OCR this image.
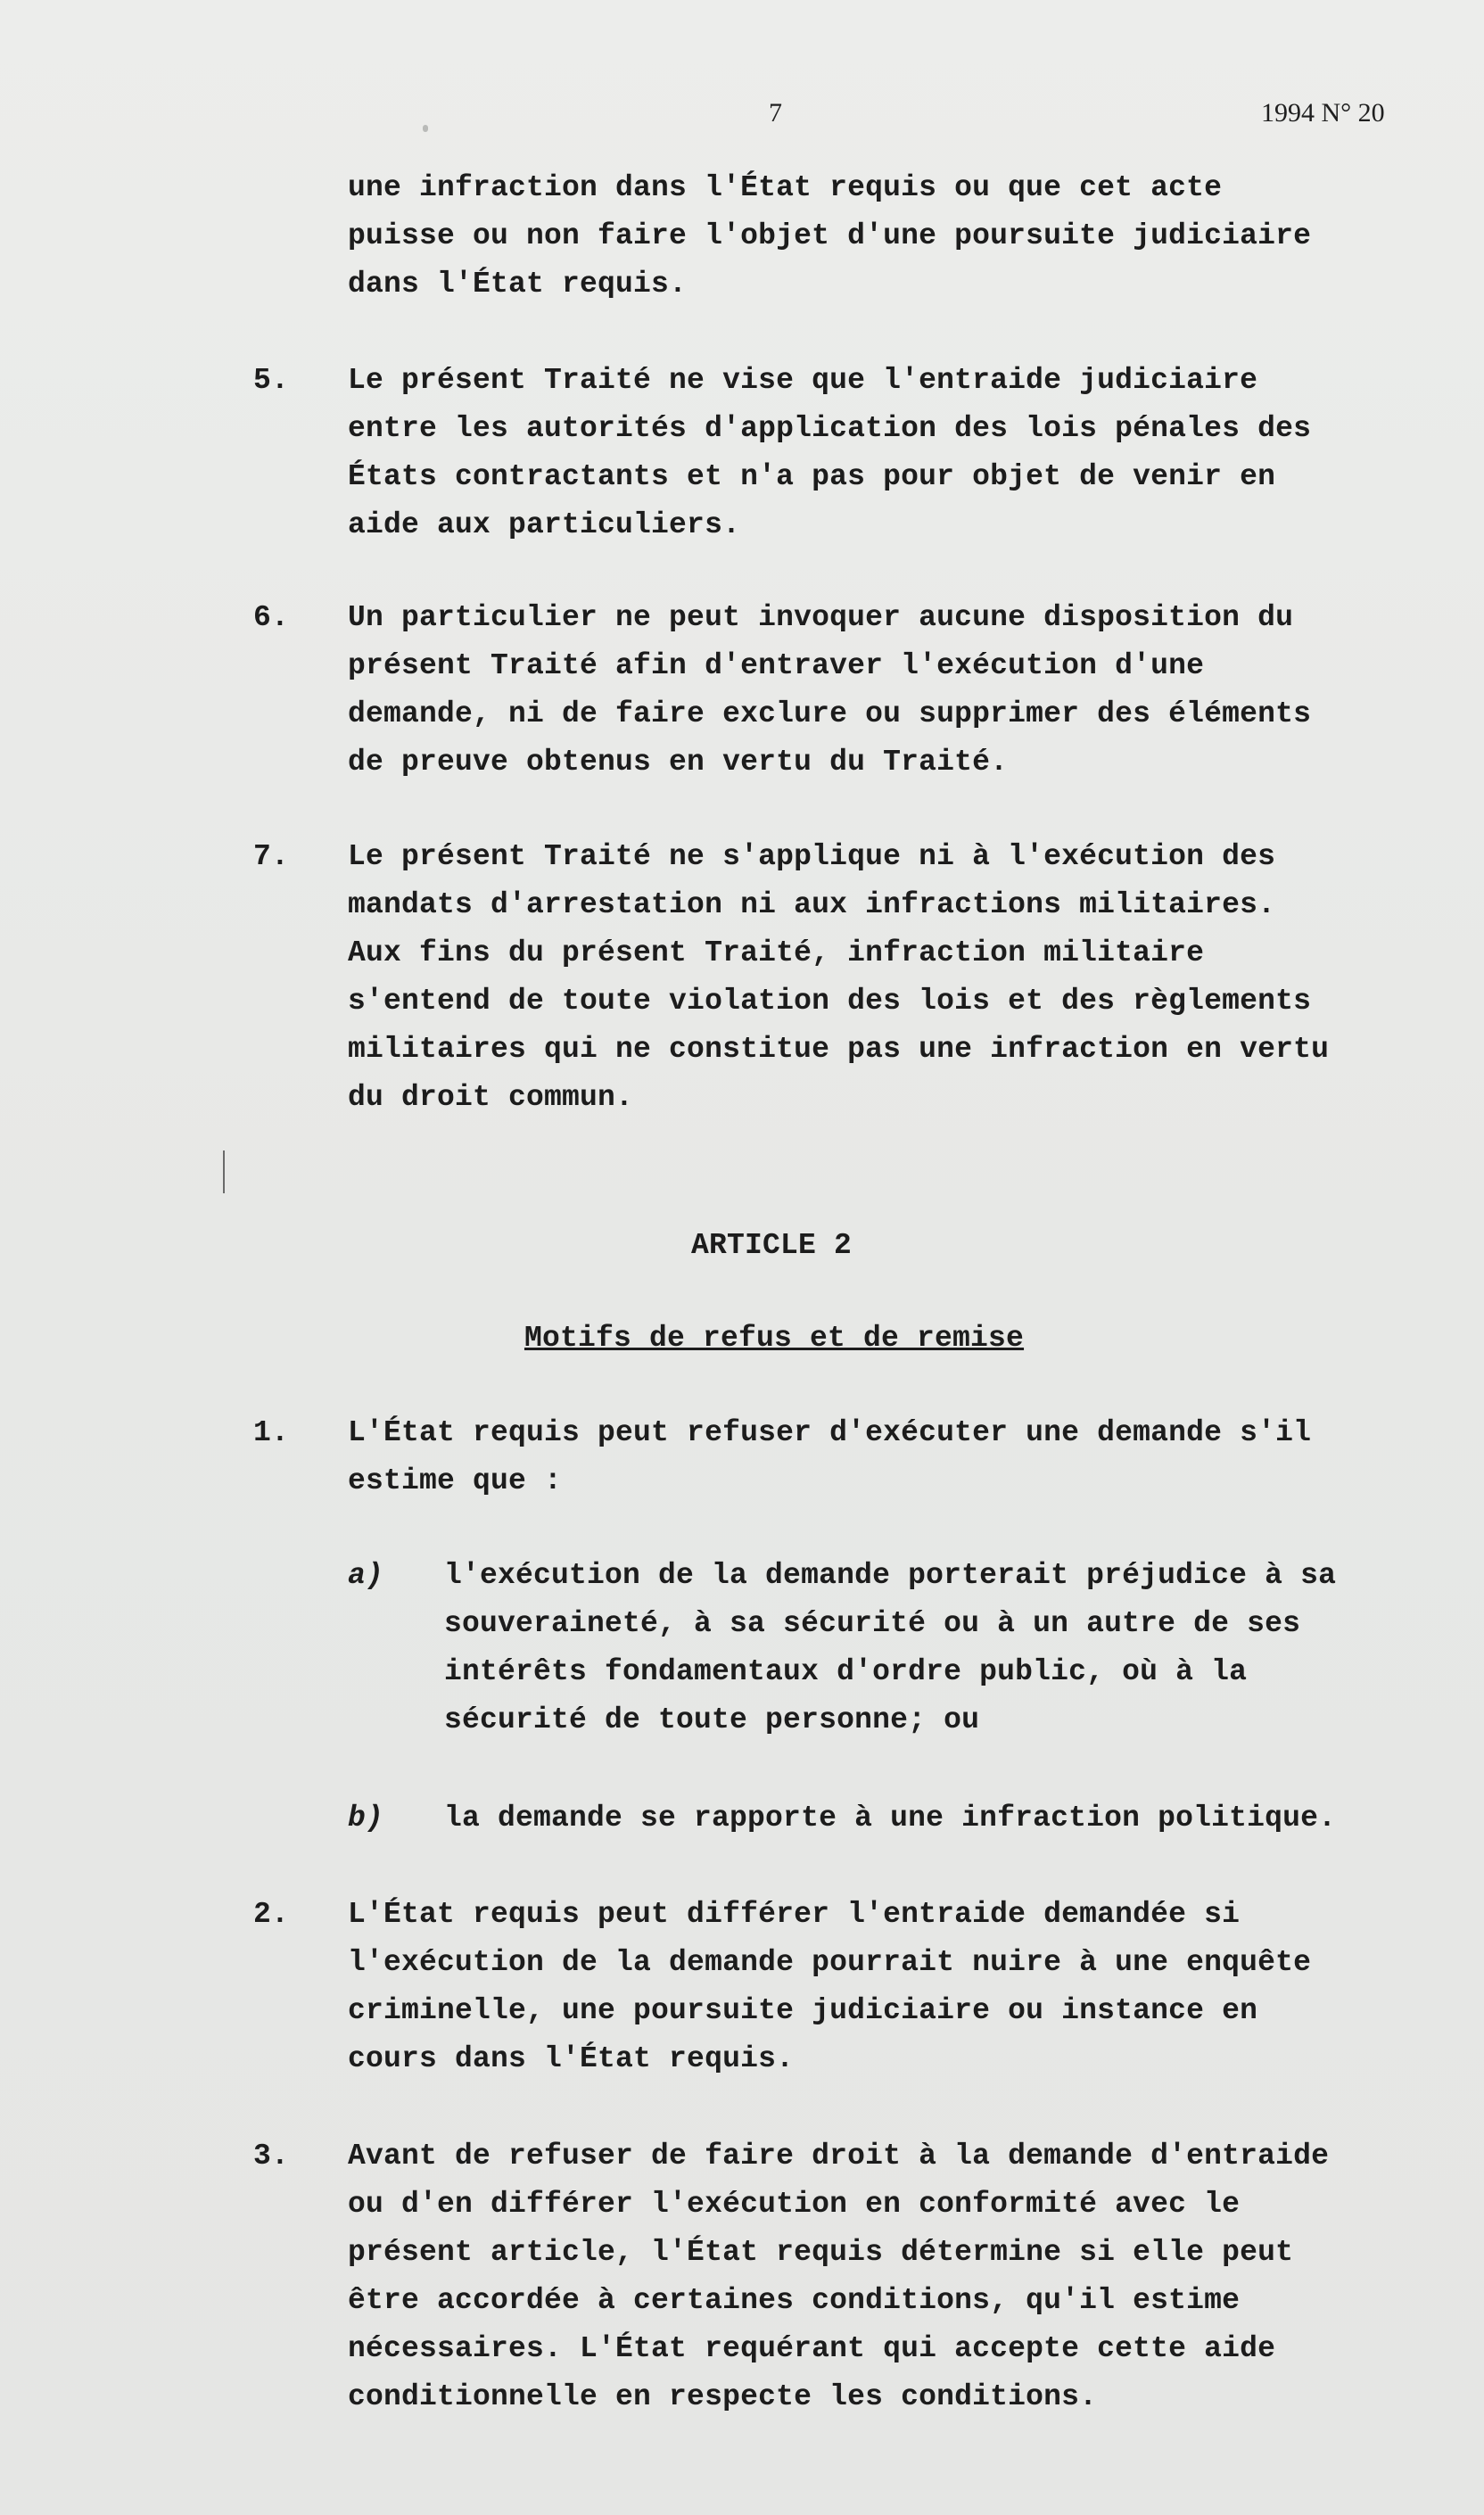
7	1994 N° 20
une infraction dans l'État requis ou que cet acte
puisse ou non faire l'objet d'une poursuite judiciaire
dans l'État requis.
5. Le présent Traité ne vise que l'entraide judiciaire
entre les autorités d'application des lois pénales des
États contractants et n'a pas pour objet de venir en
aide aux particuliers.
6. Un particulier ne peut invoquer aucune disposition du
présent Traité afin d'entraver l'exécution d'une
demande, ni de faire exclure ou supprimer des éléments
de preuve obtenus en vertu du Traité.
7. Le présent Traité ne s'applique ni à l'exécution des
mandats d'arrestation ni aux infractions militaires.
Aux fins du présent Traité, infraction militaire
s'entend de toute violation des lois et des règlements
militaires qui ne constitue pas une infraction en vertu
du droit commun.
ARTICLE 2
Motifs de refus et de remise
1. L'État requis peut refuser d'exécuter une demande s'il
estime que :
a) l'exécution de la demande porterait préjudice à sa
souveraineté, à sa sécurité ou à un autre de ses
intérêts fondamentaux d'ordre public, où à la
sécurité de toute personne; ou
b) la demande se rapporte à une infraction politique.
2. L'État requis peut différer l'entraide demandée si
l'exécution de la demande pourrait nuire à une enquête
criminelle, une poursuite judiciaire ou instance en
cours dans l'État requis.
3. Avant de refuser de faire droit à la demande d'entraide
ou d'en différer l'exécution en conformité avec le
présent article, l'État requis détermine si elle peut
être accordée à certaines conditions, qu'il estime
nécessaires. L'État requérant qui accepte cette aide
conditionnelle en respecte les conditions.
